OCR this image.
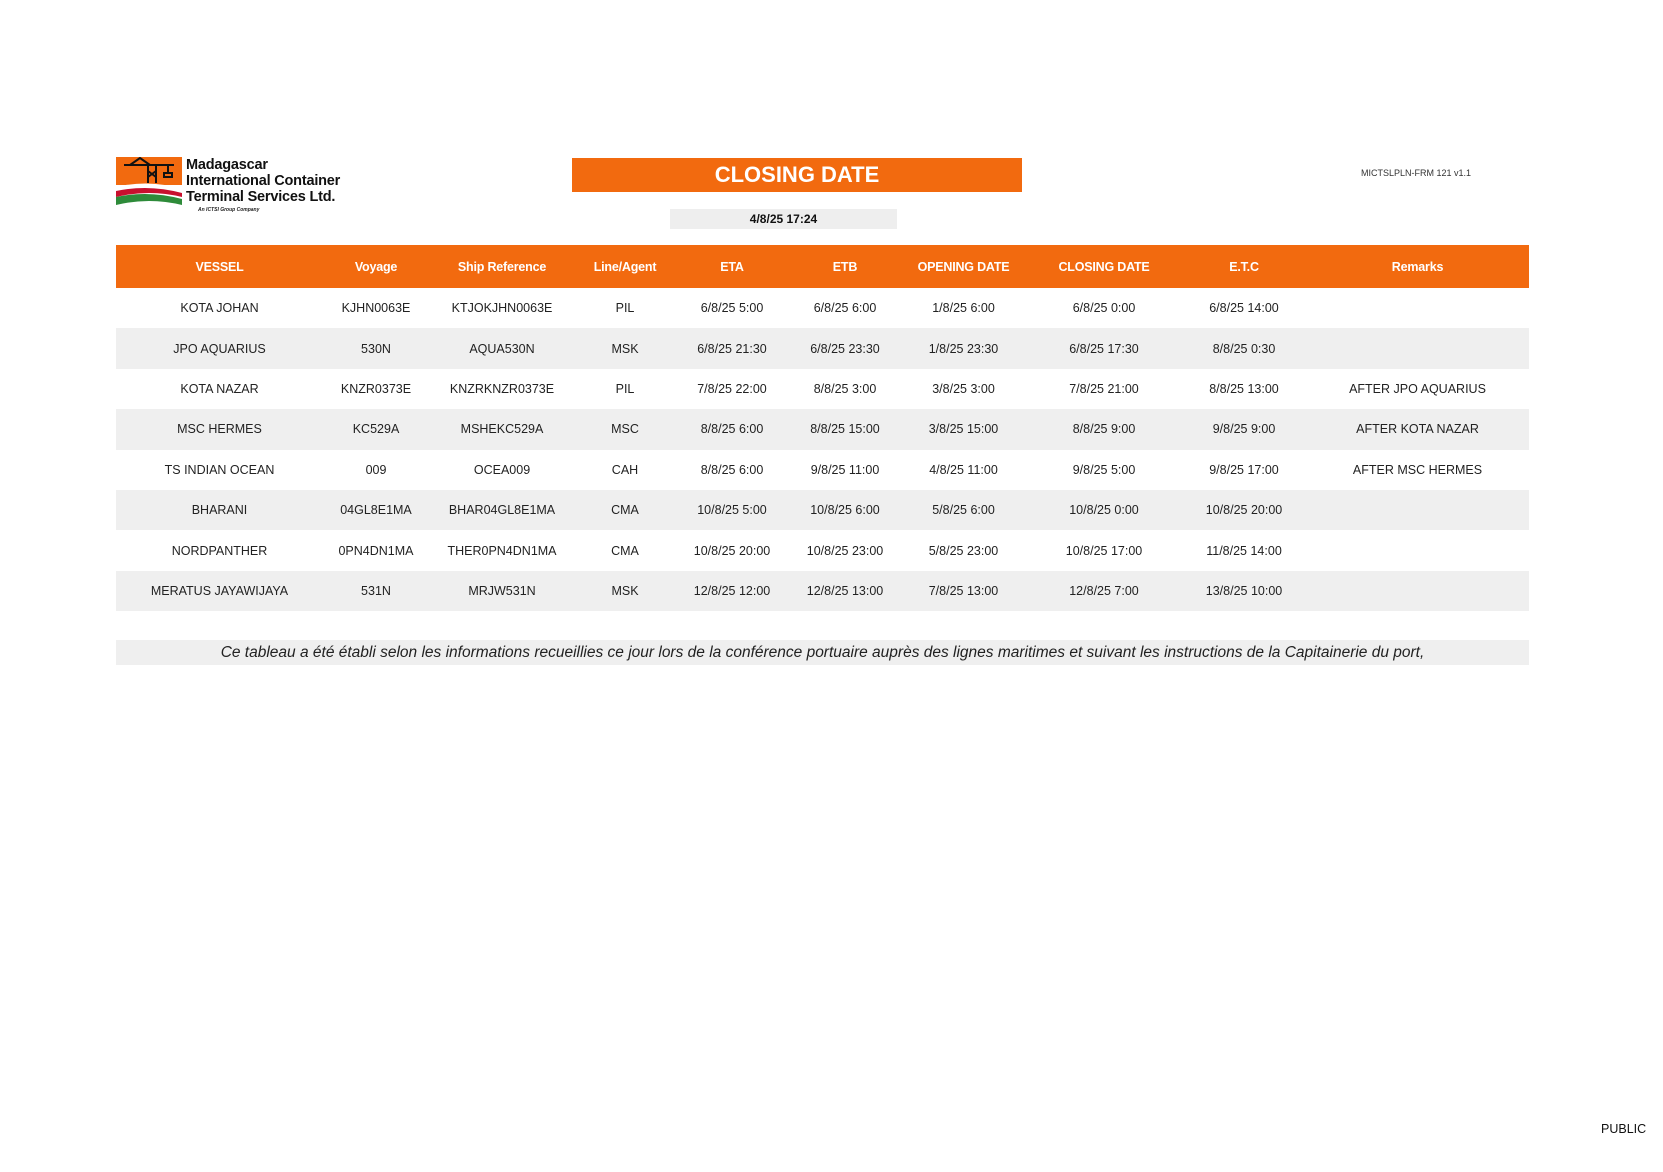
Madagascar
International Container
Terminal Services Ltd.
An ICTSI Group Company
CLOSING DATE	MICTSLPLN-FRM 121 v1.1
4/8/25 17:24
VESSEL	Voyage	Ship Reference	Line/Agent	ETA	ETB	OPENING DATE	CLOSING DATE	E.T.C	Remarks
KOTA JOHAN	KJHN0063E	KTJOKJHN0063E	PIL	6/8/25 5:00	6/8/25 6:00	1/8/25 6:00	6/8/25 0:00	6/8/25 14:00	
JPO AQUARIUS	530N	AQUA530N	MSK	6/8/25 21:30	6/8/25 23:30	1/8/25 23:30	6/8/25 17:30	8/8/25 0:30	
KOTA NAZAR	KNZR0373E	KNZRKNZR0373E	PIL	7/8/25 22:00	8/8/25 3:00	3/8/25 3:00	7/8/25 21:00	8/8/25 13:00	AFTER JPO AQUARIUS
MSC HERMES	KC529A	MSHEKC529A	MSC	8/8/25 6:00	8/8/25 15:00	3/8/25 15:00	8/8/25 9:00	9/8/25 9:00	AFTER KOTA NAZAR
TS INDIAN OCEAN	009	OCEA009	CAH	8/8/25 6:00	9/8/25 11:00	4/8/25 11:00	9/8/25 5:00	9/8/25 17:00	AFTER MSC HERMES
BHARANI	04GL8E1MA	BHAR04GL8E1MA	CMA	10/8/25 5:00	10/8/25 6:00	5/8/25 6:00	10/8/25 0:00	10/8/25 20:00	
NORDPANTHER	0PN4DN1MA	THER0PN4DN1MA	CMA	10/8/25 20:00	10/8/25 23:00	5/8/25 23:00	10/8/25 17:00	11/8/25 14:00	
MERATUS JAYAWIJAYA	531N	MRJW531N	MSK	12/8/25 12:00	12/8/25 13:00	7/8/25 13:00	12/8/25 7:00	13/8/25 10:00	
Ce tableau a été établi selon les informations recueillies ce jour lors de la conférence portuaire auprès des lignes maritimes et suivant les instructions de la Capitainerie du port,
PUBLIC
